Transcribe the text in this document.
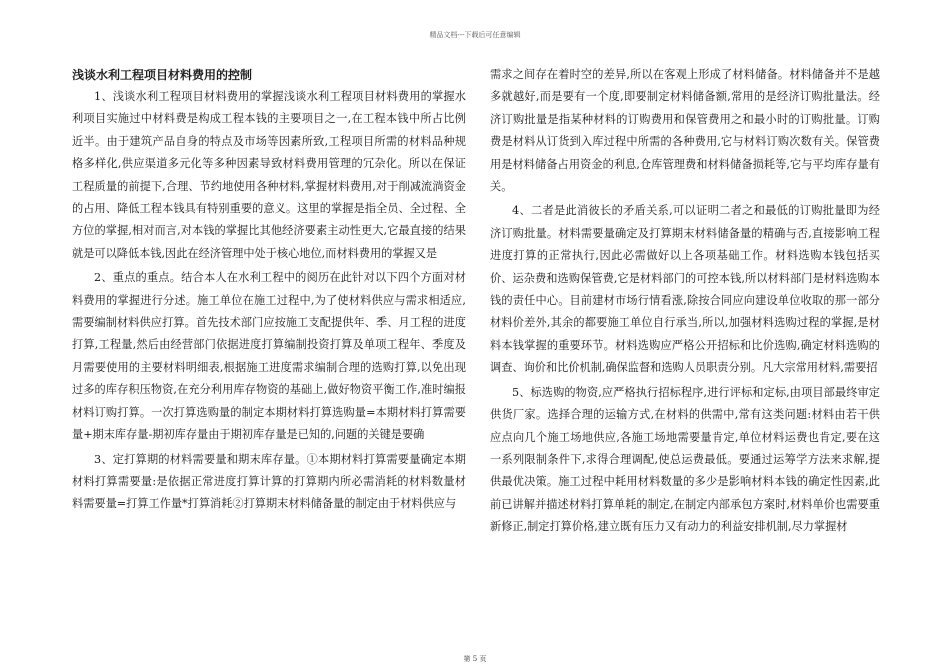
精品文档---下载后可任意编辑

浅谈水利工程项目材料费用的控制

1、浅谈水利工程项目材料费用的掌握浅谈水利工程项目材料费用的掌握水利项目实施过中材料费是构成工程本钱的主要项目之一,在工程本钱中所占比例近半。由于建筑产品自身的特点及市场等因素所致,工程项目所需的材料品种规格多样化,供应渠道多元化等多种因素导致材料费用管理的冗杂化。所以在保证工程质量的前提下,合理、节约地使用各种材料,掌握材料费用,对于削减流淌资金的占用、降低工程本钱具有特别重要的意义。这里的掌握是指全员、全过程、全方位的掌握,相对而言,对本钱的掌握比其他经济要素主动性更大,它最直接的结果就是可以降低本钱,因此在经济管理中处于核心地位,而材料费用的掌握又是

2、重点的重点。结合本人在水利工程中的阅历在此针对以下四个方面对材料费用的掌握进行分述。施工单位在施工过程中,为了使材料供应与需求相适应,需要编制材料供应打算。首先技术部门应按施工支配提供年、季、月工程的进度打算,工程量,然后由经营部门依据进度打算编制投资打算及单项工程年、季度及月需要使用的主要材料明细表,根据施工进度需求编制合理的选购打算,以免出现过多的库存积压物资,在充分利用库存物资的基础上,做好物资平衡工作,准时编报材料订购打算。一次打算选购量的制定本期材料打算选购量=本期材料打算需要量+期末库存量-期初库存量由于期初库存量是已知的,问题的关键是要确

3、定打算期的材料需要量和期末库存量。①本期材料打算需要量确定本期材料打算需要量:是依据正常进度打算计算的打算期内所必需消耗的材料数量材料需要量=打算工作量*打算消耗②打算期末材料储备量的制定由于材料供应与

需求之间存在着时空的差异,所以在客观上形成了材料储备。材料储备并不是越多就越好,而是要有一个度,即要制定材料储备额,常用的是经济订购批量法。经济订购批量是指某种材料的订购费用和保管费用之和最小时的订购批量。订购费是材料从订货到入库过程中所需的各种费用,它与材料订购次数有关。保管费用是材料储备占用资金的利息,仓库管理费和材料储备损耗等,它与平均库存量有关。

4、二者是此消彼长的矛盾关系,可以证明二者之和最低的订购批量即为经济订购批量。材料需要量确定及打算期末材料储备量的精确与否,直接影响工程进度打算的正常执行,因此必需做好以上各项基础工作。材料选购本钱包括买价、运杂费和选购保管费,它是材料部门的可控本钱,所以材料部门是材料选购本钱的责任中心。目前建材市场行情看涨,除按合同应向建设单位收取的那一部分材料价差外,其余的都要施工单位自行承当,所以,加强材料选购过程的掌握,是材料本钱掌握的重要环节。材料选购应严格公开招标和比价选购,确定材料选购的调查、询价和比价机制,确保监督和选购人员职责分别。凡大宗常用材料,需要招

5、标选购的物资,应严格执行招标程序,进行评标和定标,由项目部最终审定供货厂家。选择合理的运输方式,在材料的供需中,常有这类问题:材料由若干供应点向几个施工场地供应,各施工场地需要量肯定,单位材料运费也肯定,要在这一系列限制条件下,求得合理调配,使总运费最低。要通过运筹学方法来求解,提供最优决策。施工过程中耗用材料数量的多少是影响材料本钱的确定性因素,此前已讲解并描述材料打算单耗的制定,在制定内部承包方案时,材料单价也需要重新修正,制定打算价格,建立既有压力又有动力的利益安排机制,尽力掌握材

第 5 页
